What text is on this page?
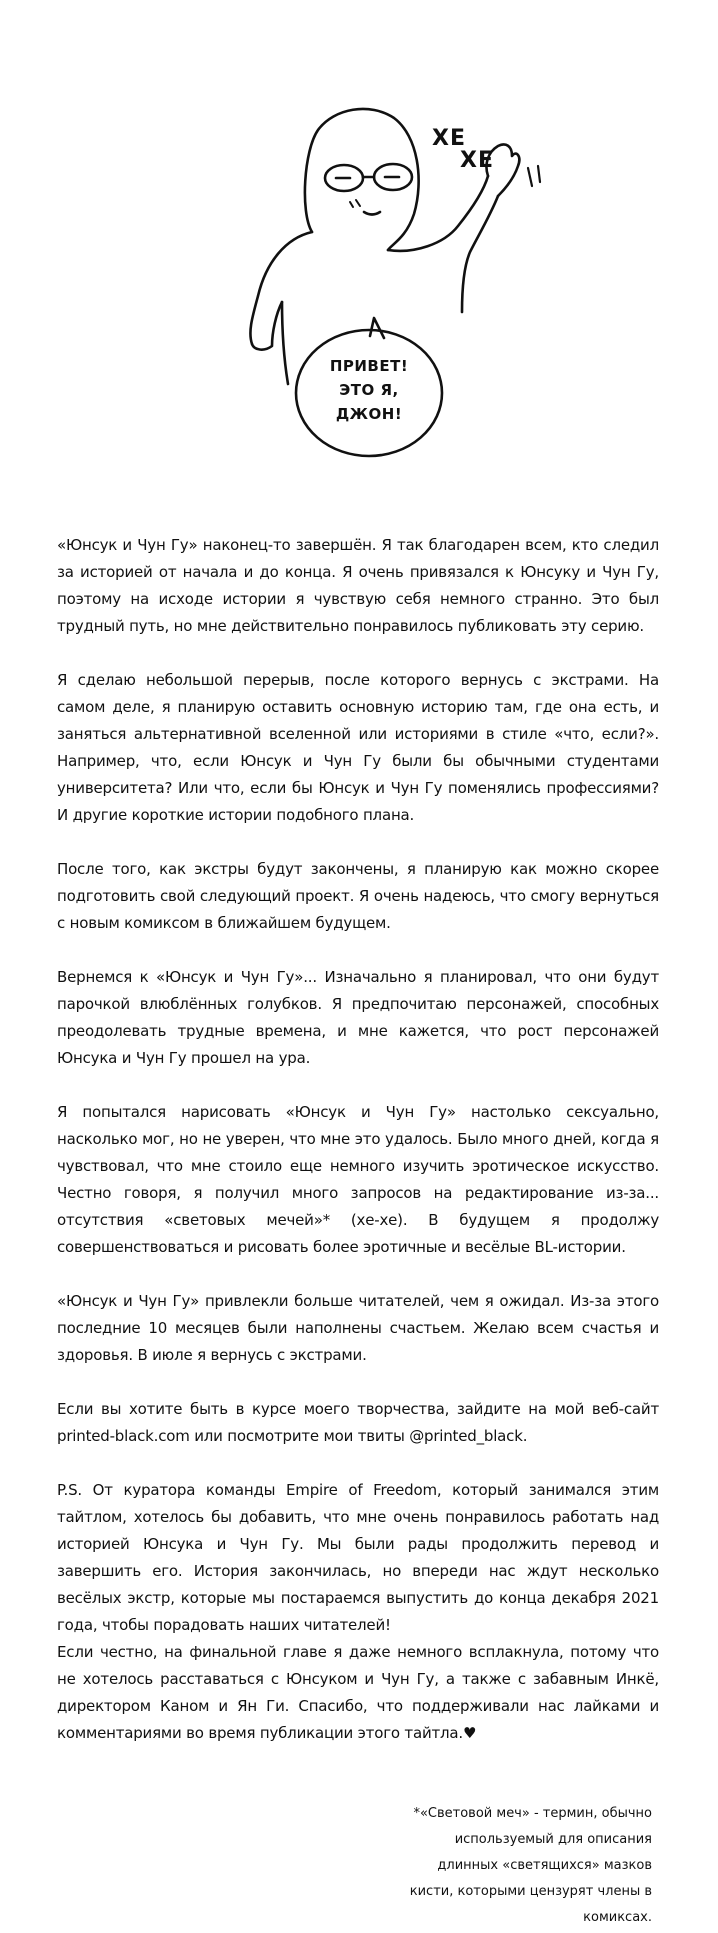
ХЕ
ХЕ
ПРИВЕТ!
ЭТО Я,
ДЖОН!

«Юнсук и Чун Гу» наконец-то завершён. Я так благодарен всем, кто следил за историей от начала и до конца. Я очень привязался к Юнсуку и Чун Гу, поэтому на исходе истории я чувствую себя немного странно. Это был трудный путь, но мне действительно понравилось публиковать эту серию.

Я сделаю небольшой перерыв, после которого вернусь с экстрами. На самом деле, я планирую оставить основную историю там, где она есть, и заняться альтернативной вселенной или историями в стиле «что, если?». Например, что, если Юнсук и Чун Гу были бы обычными студентами университета? Или что, если бы Юнсук и Чун Гу поменялись профессиями? И другие короткие истории подобного плана.

После того, как экстры будут закончены, я планирую как можно скорее подготовить свой следующий проект. Я очень надеюсь, что смогу вернуться с новым комиксом в ближайшем будущем.

Вернемся к «Юнсук и Чун Гу»... Изначально я планировал, что они будут парочкой влюблённых голубков. Я предпочитаю персонажей, способных преодолевать трудные времена, и мне кажется, что рост персонажей Юнсука и Чун Гу прошел на ура.

Я попытался нарисовать «Юнсук и Чун Гу» настолько сексуально, насколько мог, но не уверен, что мне это удалось. Было много дней, когда я чувствовал, что мне стоило еще немного изучить эротическое искусство. Честно говоря, я получил много запросов на редактирование из-за... отсутствия «световых мечей»* (хе-хе). В будущем я продолжу совершенствоваться и рисовать более эротичные и весёлые BL-истории.

«Юнсук и Чун Гу» привлекли больше читателей, чем я ожидал. Из-за этого последние 10 месяцев были наполнены счастьем. Желаю всем счастья и здоровья. В июле я вернусь с экстрами.

Если вы хотите быть в курсе моего творчества, зайдите на мой веб-сайт printed-black.com или посмотрите мои твиты @printed_black.

P.S. От куратора команды Empire of Freedom, который занимался этим тайтлом, хотелось бы добавить, что мне очень понравилось работать над историей Юнсука и Чун Гу. Мы были рады продолжить перевод и завершить его. История закончилась, но впереди нас ждут несколько весёлых экстр, которые мы постараемся выпустить до конца декабря 2021 года, чтобы порадовать наших читателей!

Если честно, на финальной главе я даже немного всплакнула, потому что не хотелось расставаться с Юнсуком и Чун Гу, а также с забавным Инкё, директором Каном и Ян Ги. Спасибо, что поддерживали нас лайками и комментариями во время публикации этого тайтла.♥

*«Световой меч» - термин, обычно используемый для описания длинных «светящихся» мазков кисти, которыми цензурят члены в комиксах.
